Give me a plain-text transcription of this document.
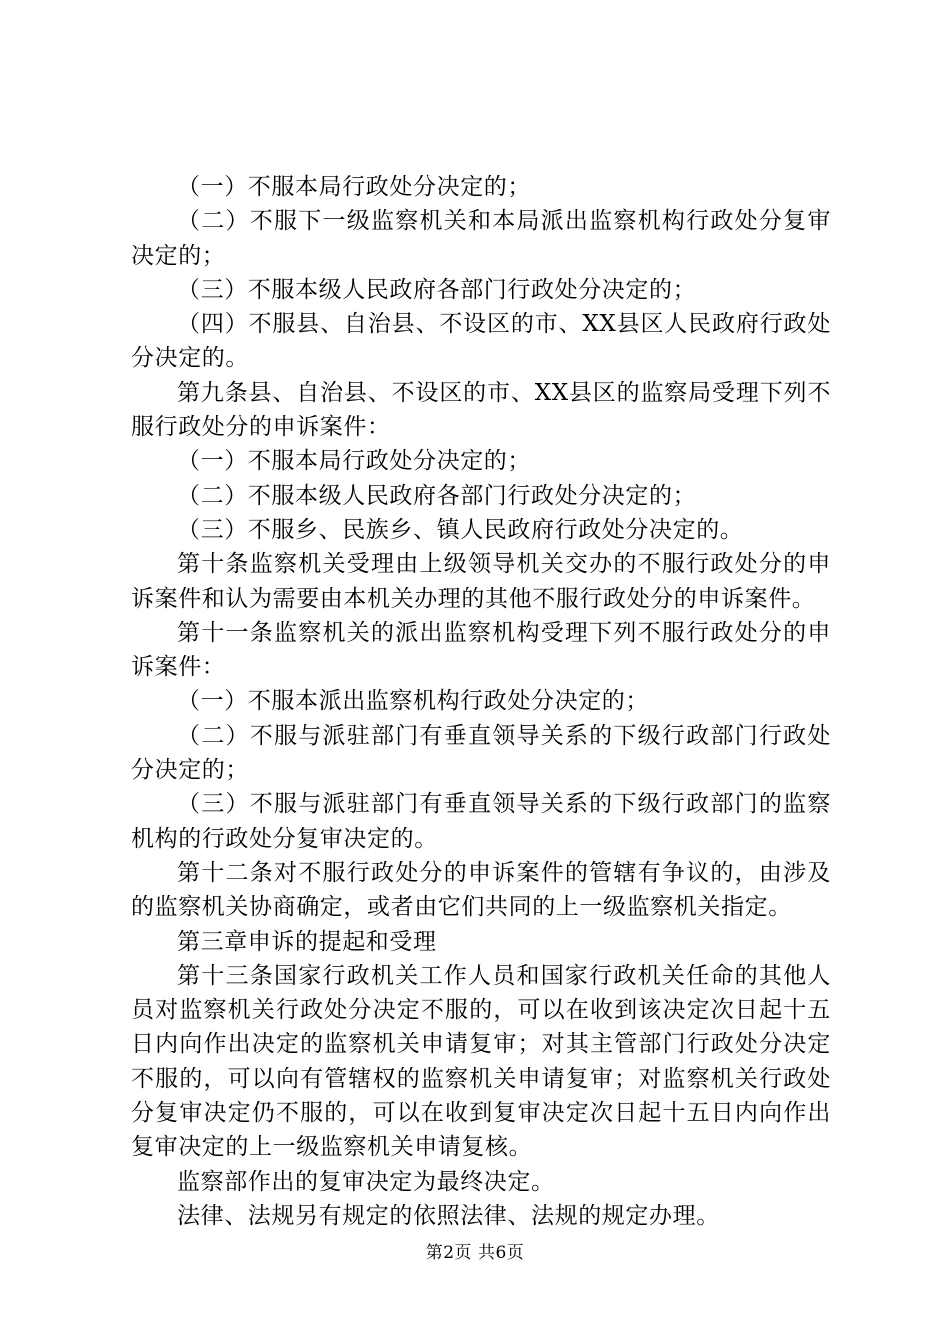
（一）不服本局行政处分决定的；

（二）不服下一级监察机关和本局派出监察机构行政处分复审决定的；

（三）不服本级人民政府各部门行政处分决定的；

（四）不服县、自治县、不设区的市、XX县区人民政府行政处分决定的。

第九条县、自治县、不设区的市、XX县区的监察局受理下列不服行政处分的申诉案件：

（一）不服本局行政处分决定的；

（二）不服本级人民政府各部门行政处分决定的；

（三）不服乡、民族乡、镇人民政府行政处分决定的。

第十条监察机关受理由上级领导机关交办的不服行政处分的申诉案件和认为需要由本机关办理的其他不服行政处分的申诉案件。

第十一条监察机关的派出监察机构受理下列不服行政处分的申诉案件：

（一）不服本派出监察机构行政处分决定的；

（二）不服与派驻部门有垂直领导关系的下级行政部门行政处分决定的；

（三）不服与派驻部门有垂直领导关系的下级行政部门的监察机构的行政处分复审决定的。

第十二条对不服行政处分的申诉案件的管辖有争议的，由涉及的监察机关协商确定，或者由它们共同的上一级监察机关指定。

第三章申诉的提起和受理

第十三条国家行政机关工作人员和国家行政机关任命的其他人员对监察机关行政处分决定不服的，可以在收到该决定次日起十五日内向作出决定的监察机关申请复审；对其主管部门行政处分决定不服的，可以向有管辖权的监察机关申请复审；对监察机关行政处分复审决定仍不服的，可以在收到复审决定次日起十五日内向作出复审决定的上一级监察机关申请复核。

监察部作出的复审决定为最终决定。

法律、法规另有规定的依照法律、法规的规定办理。

第2页 共6页
